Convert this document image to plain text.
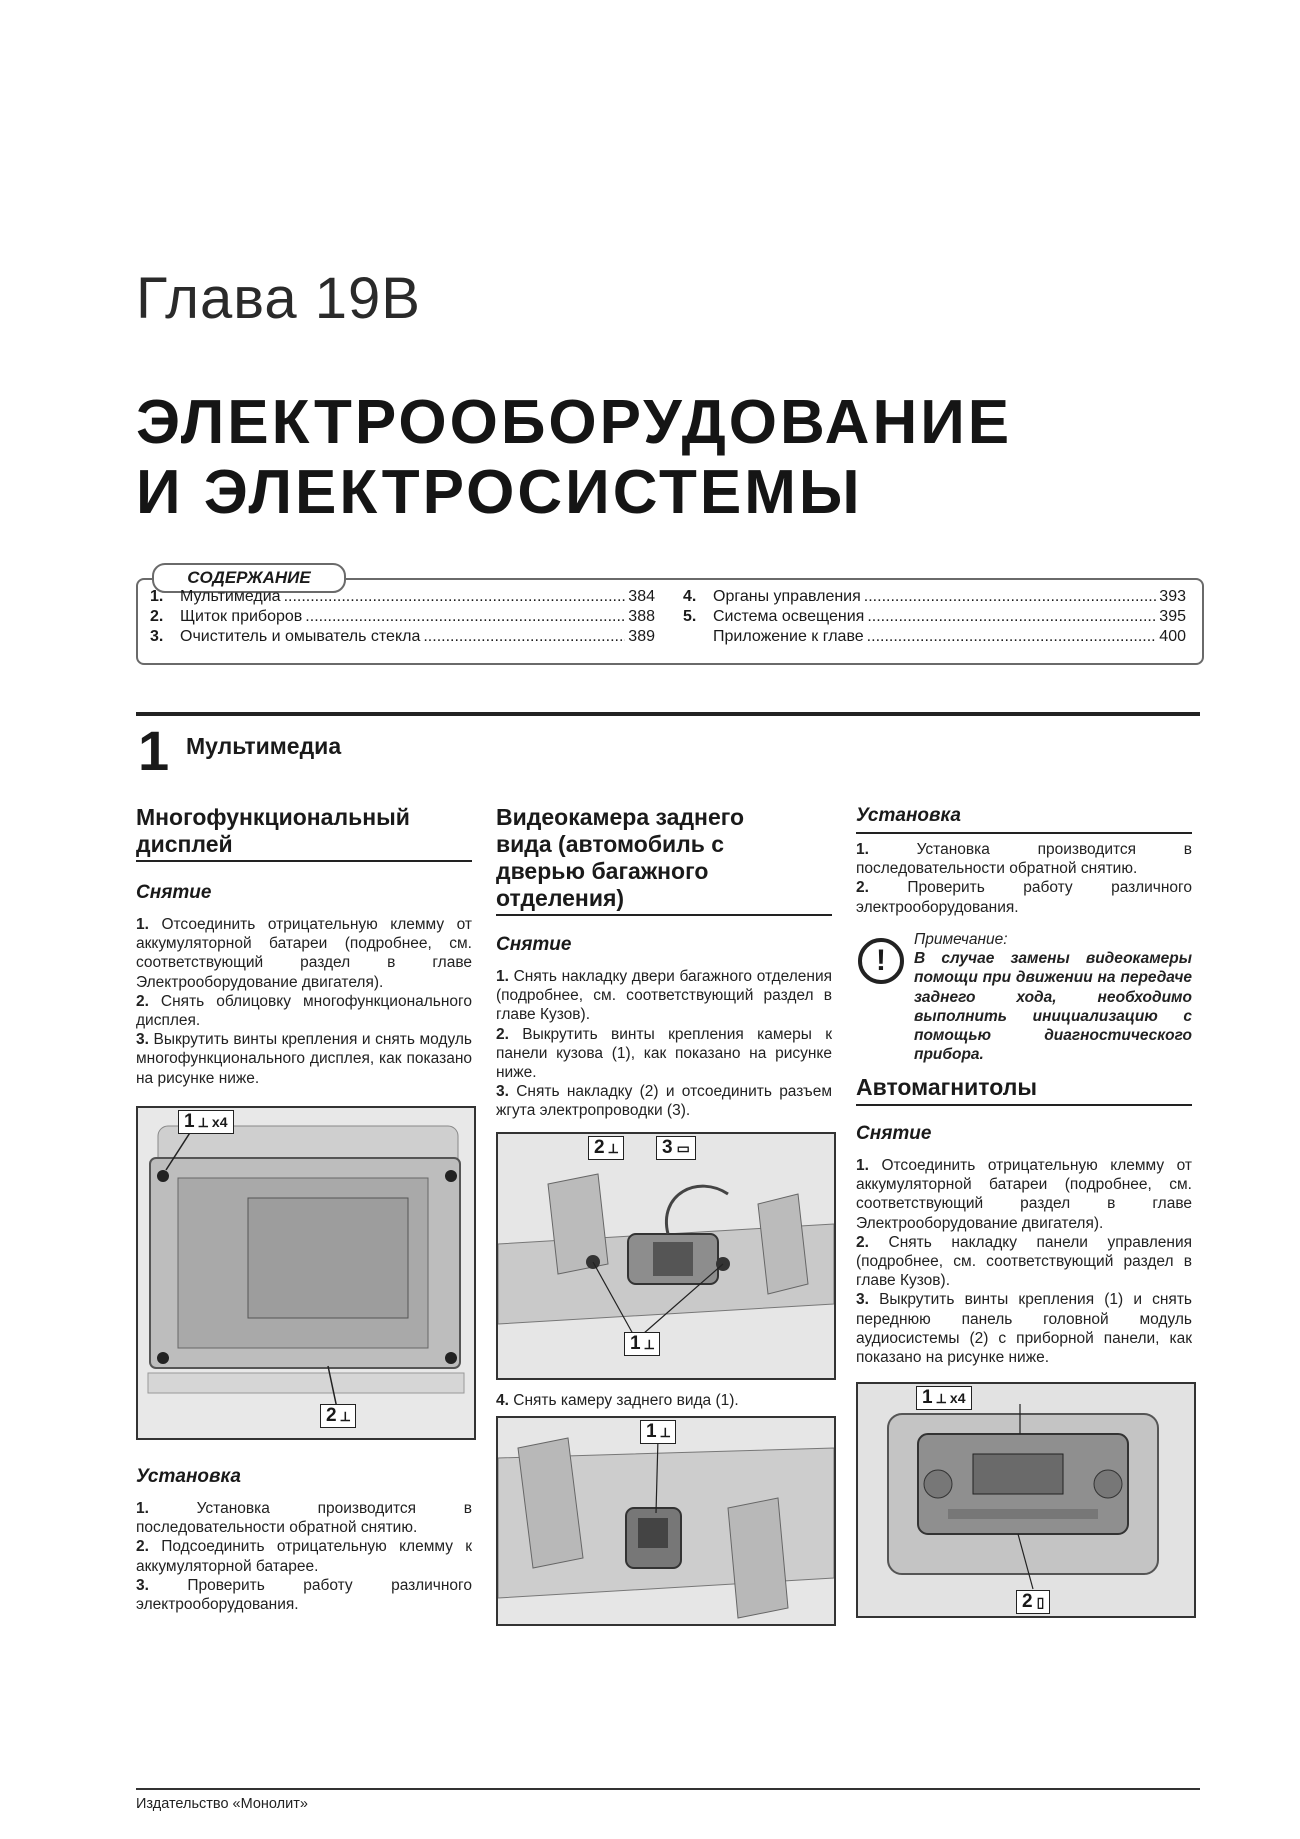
Глава 19В
ЭЛЕКТРООБОРУДОВАНИЕ
И ЭЛЕКТРОСИСТЕМЫ
СОДЕРЖАНИЕ
1.	Мультимедиа .....	384
2.	Щиток приборов .....	388
3.	Очиститель и омыватель стекла .....	389
4.	Органы управления .....	393
5.	Система освещения .....	395
Приложение к главе .....	400
1 Мультимедиа
Многофункциональный дисплей
Снятие

1. Отсоединить отрицательную клемму от аккумуляторной батареи (подробнее, см. соответствующий раздел в главе Электрооборудование двигателя).

2. Снять облицовку многофункционального дисплея.

3. Выкрутить винты крепления и снять модуль многофункционального дисплея, как показано на рисунке ниже.

1 ⟂ x4
2 ⟂
Установка

1.	Установка производится в последовательности обратной снятию.

2. Подсоединить отрицательную клемму к аккумуляторной батарее.

3. Проверить работу различного электрооборудования.

Видеокамера заднего вида (автомобиль с дверью багажного отделения)
Снятие

1. Снять накладку двери багажного отделения (подробнее, см. соответствующий раздел в главе Кузов).

2. Выкрутить винты крепления камеры к панели кузова (1), как показано на рисунке ниже.

3. Снять накладку (2) и отсоединить разъем жгута электропроводки (3).

2 ⟂	3 ▭
1 ⟂

4. Снять камеру заднего вида (1).

1 ⟂
Установка

1.	Установка производится в последовательности обратной снятию.

2. Проверить работу различного электрооборудования.

!
Примечание:
В случае замены видеокамеры помощи при движении на передаче заднего хода, необходимо выполнить инициализацию с помощью диагностического прибора.
Автомагнитолы
Снятие

1. Отсоединить отрицательную клемму от аккумуляторной батареи (подробнее, см. соответствующий раздел в главе Электрооборудование двигателя).

2. Снять накладку панели управления (подробнее, см. соответствующий раздел в главе Кузов).

3. Выкрутить винты крепления (1) и снять переднюю панель головной модуль аудиосистемы (2) с приборной панели, как показано на рисунке ниже.

1 ⟂ x4
2 ▯
Издательство «Монолит»
